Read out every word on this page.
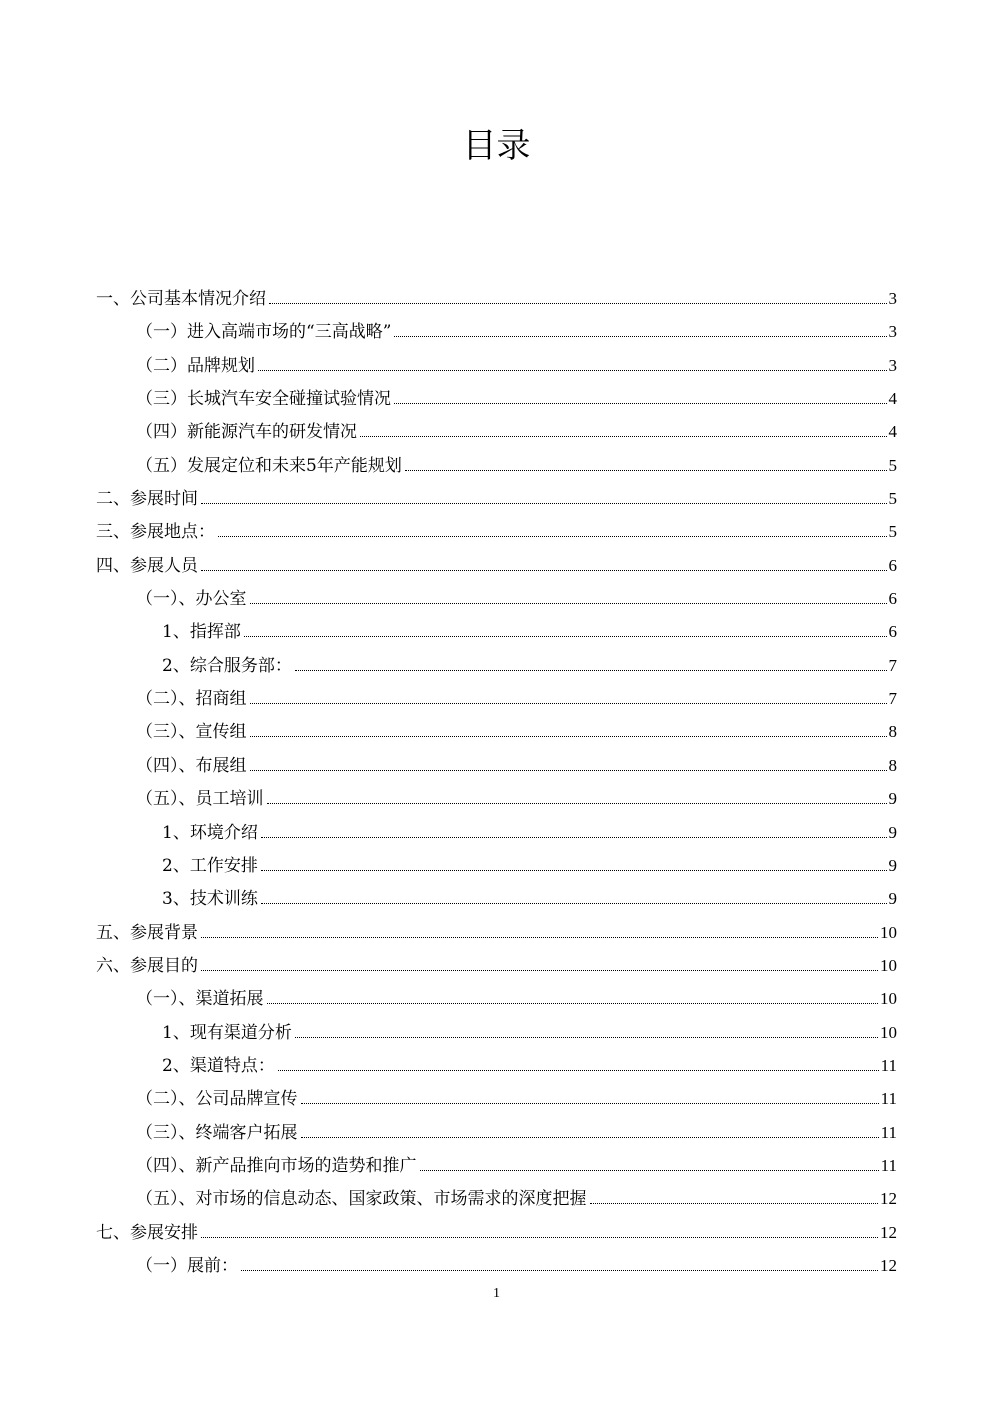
目录
一、公司基本情况介绍	3
（一）进入高端市场的“三高战略”	3
（二）品牌规划	3
（三）长城汽车安全碰撞试验情况	4
（四）新能源汽车的研发情况	4
（五）发展定位和未来5年产能规划	5
二、参展时间	5
三、参展地点：	5
四、参展人员	6
（一）、办公室	6
1、指挥部	6
2、综合服务部：	7
（二）、招商组	7
（三）、宣传组	8
（四）、布展组	8
（五）、员工培训	9
1、环境介绍	9
2、工作安排	9
3、技术训练	9
五、参展背景	10
六、参展目的	10
（一）、渠道拓展	10
1、现有渠道分析	10
2、渠道特点：	11
（二）、公司品牌宣传	11
（三）、终端客户拓展	11
（四）、新产品推向市场的造势和推广	11
（五）、对市场的信息动态、国家政策、市场需求的深度把握	12
七、参展安排	12
（一）展前：	12
1
